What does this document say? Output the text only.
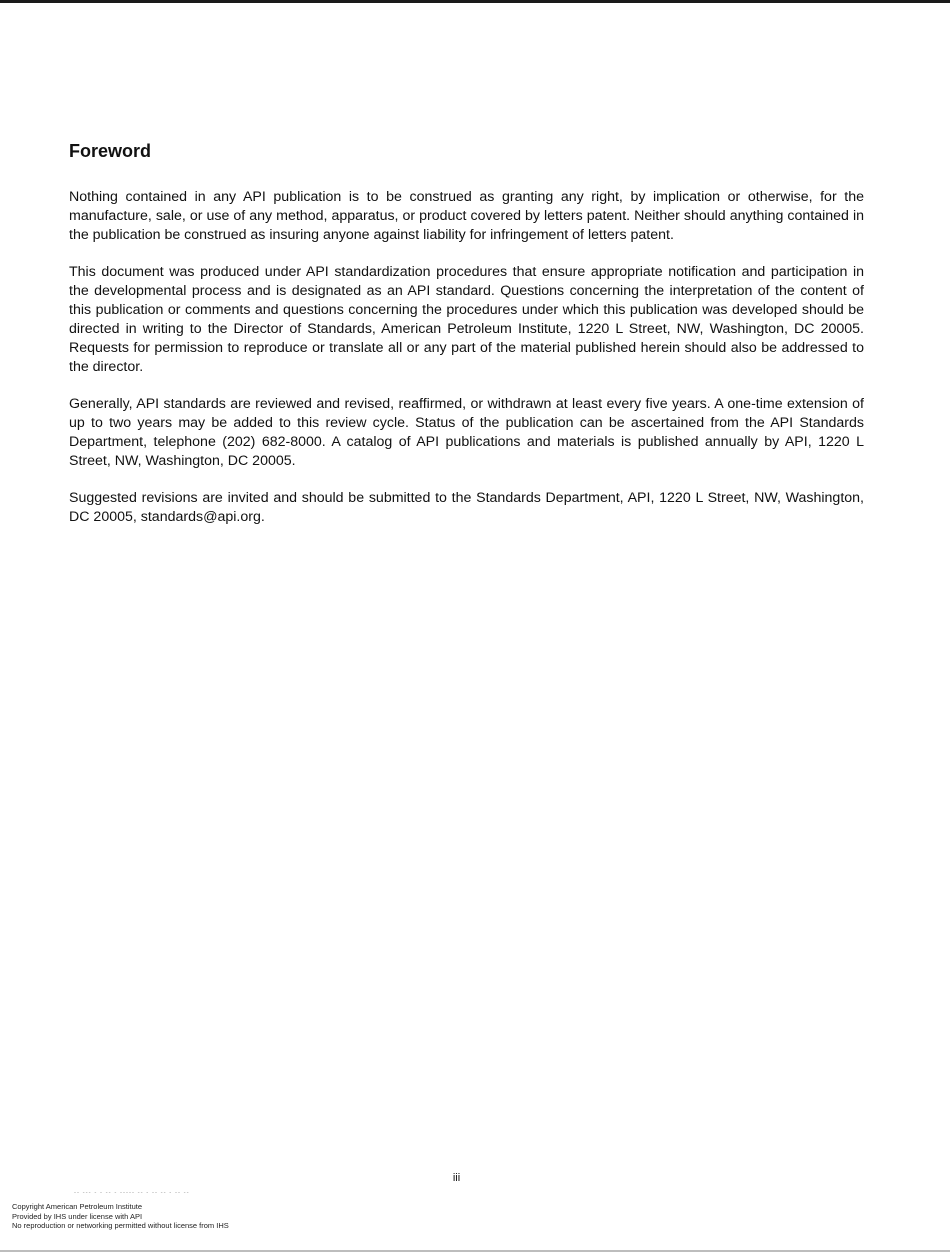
Foreword

Nothing contained in any API publication is to be construed as granting any right, by implication or otherwise, for the manufacture, sale, or use of any method, apparatus, or product covered by letters patent. Neither should anything contained in the publication be construed as insuring anyone against liability for infringement of letters patent.

This document was produced under API standardization procedures that ensure appropriate notification and participation in the developmental process and is designated as an API standard. Questions concerning the interpretation of the content of this publication or comments and questions concerning the procedures under which this publication was developed should be directed in writing to the Director of Standards, American Petroleum Institute, 1220 L Street, NW, Washington, DC 20005. Requests for permission to reproduce or translate all or any part of the material published herein should also be addressed to the director.

Generally, API standards are reviewed and revised, reaffirmed, or withdrawn at least every five years. A one-time extension of up to two years may be added to this review cycle. Status of the publication can be ascertained from the API Standards Department, telephone (202) 682-8000. A catalog of API publications and materials is published annually by API, 1220 L Street, NW, Washington, DC 20005.

Suggested revisions are invited and should be submitted to the Standards Department, API, 1220 L Street, NW, Washington, DC 20005, standards@api.org.

iii
-- --- - - -- - ----- -- - -- -- - -- --
Copyright American Petroleum Institute
Provided by IHS under license with API
No reproduction or networking permitted without license from IHS
